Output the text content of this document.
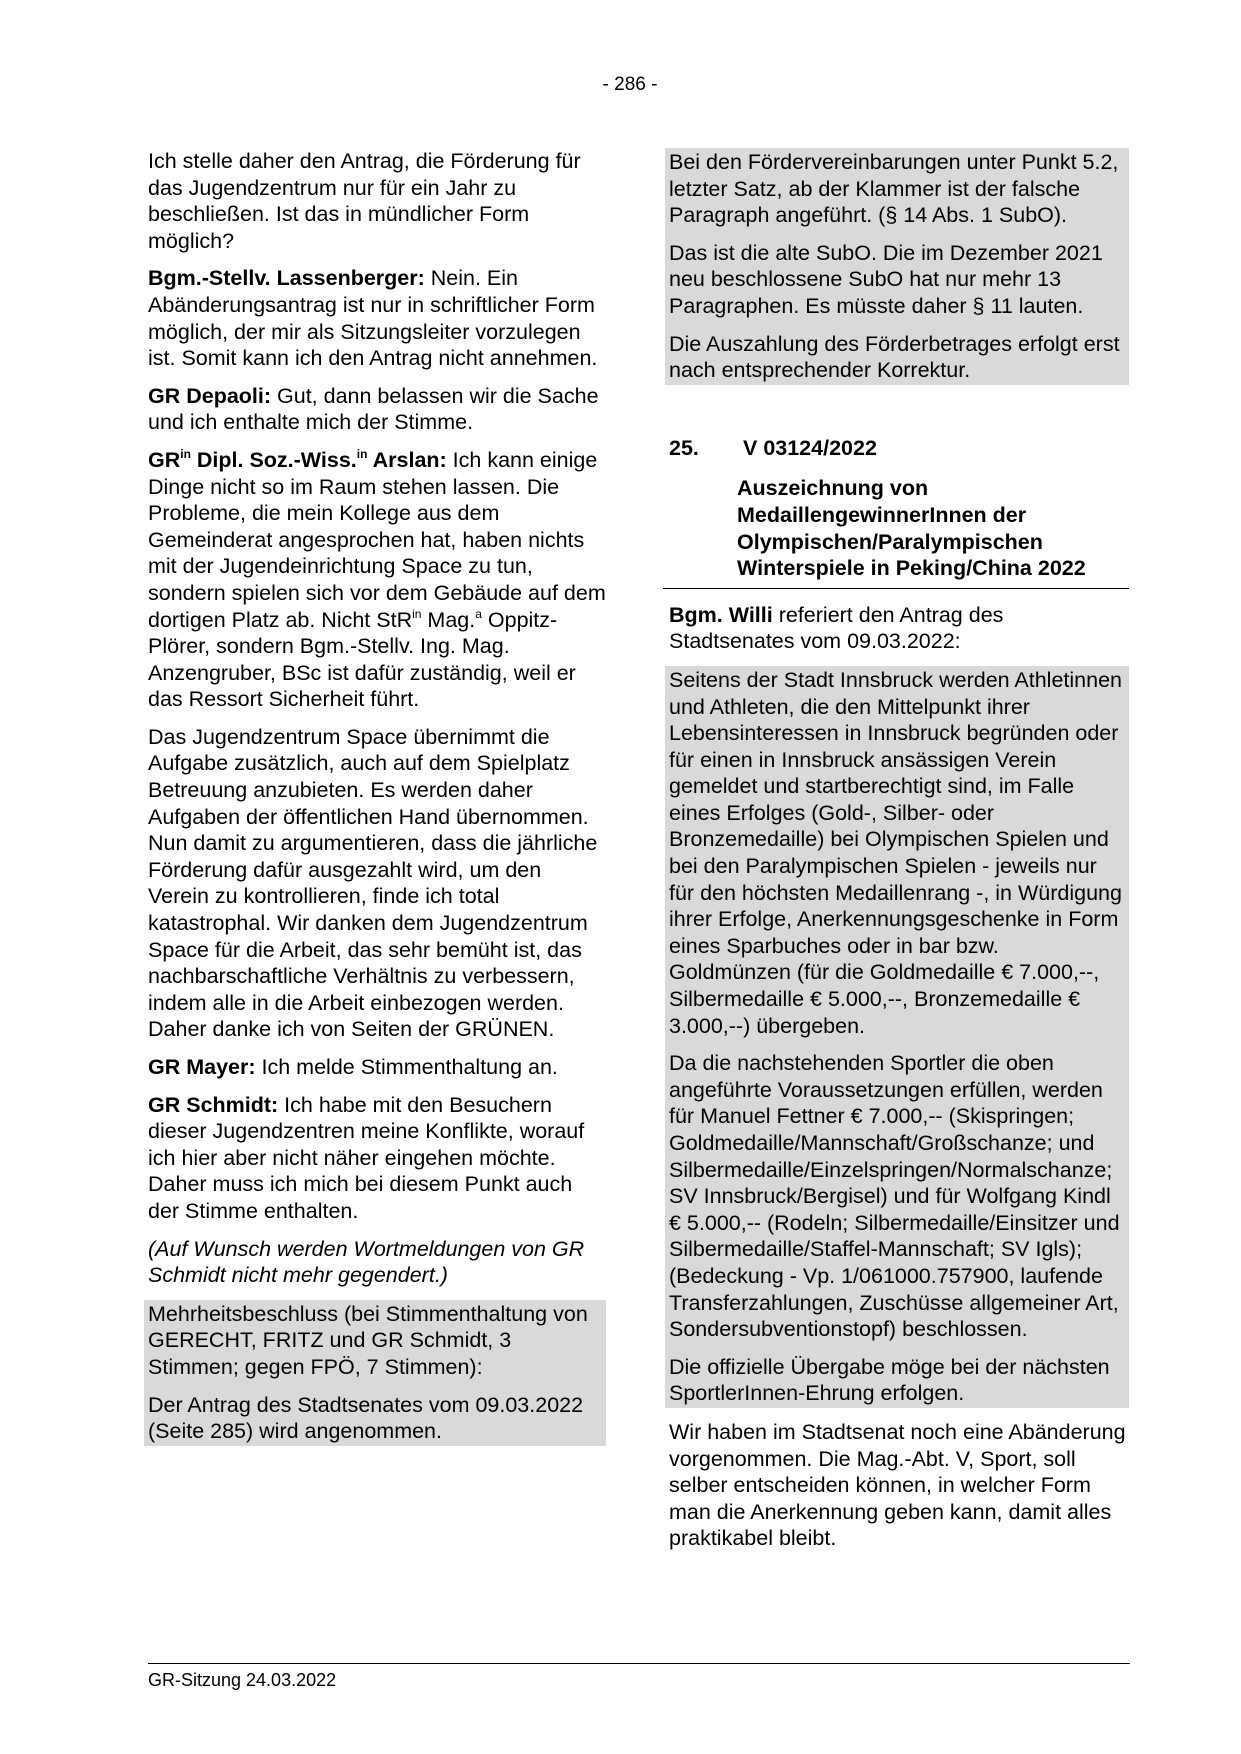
- 286 -

Ich stelle daher den Antrag, die Förderung für das Jugendzentrum nur für ein Jahr zu beschließen. Ist das in mündlicher Form möglich?

Bgm.-Stellv. Lassenberger: Nein. Ein Abänderungsantrag ist nur in schriftlicher Form möglich, der mir als Sitzungsleiter vorzulegen ist. Somit kann ich den Antrag nicht annehmen.

GR Depaoli: Gut, dann belassen wir die Sache und ich enthalte mich der Stimme.

$GR^{in}$ Dipl. Soz.-Wiss.$^{in}$ Arslan: Ich kann einige Dinge nicht so im Raum stehen lassen. Die Probleme, die mein Kollege aus dem Gemeinderat angesprochen hat, haben nichts mit der Jugendeinrichtung Space zu tun, sondern spielen sich vor dem Gebäude auf dem dortigen Platz ab. Nicht StR$^{in}$ Mag.$^a$ Oppitz-Plörer, sondern Bgm.-Stellv. Ing. Mag. Anzengruber, BSc ist dafür zuständig, weil er das Ressort Sicherheit führt.

Das Jugendzentrum Space übernimmt die Aufgabe zusätzlich, auch auf dem Spielplatz Betreuung anzubieten. Es werden daher Aufgaben der öffentlichen Hand übernommen. Nun damit zu argumentieren, dass die jährliche Förderung dafür ausgezahlt wird, um den Verein zu kontrollieren, finde ich total katastrophal. Wir danken dem Jugendzentrum Space für die Arbeit, das sehr bemüht ist, das nachbarschaftliche Verhältnis zu verbessern, indem alle in die Arbeit einbezogen werden. Daher danke ich von Seiten der GRÜNEN.

GR Mayer: Ich melde Stimmenthaltung an.

GR Schmidt: Ich habe mit den Besuchern dieser Jugendzentren meine Konflikte, worauf ich hier aber nicht näher eingehen möchte. Daher muss ich mich bei diesem Punkt auch der Stimme enthalten.

(Auf Wunsch werden Wortmeldungen von GR Schmidt nicht mehr gegendert.)

Mehrheitsbeschluss (bei Stimmenthaltung von GERECHT, FRITZ und GR Schmidt, 3 Stimmen; gegen FPÖ, 7 Stimmen):

Der Antrag des Stadtsenates vom 09.03.2022 (Seite 285) wird angenommen.

Bei den Fördervereinbarungen unter Punkt 5.2, letzter Satz, ab der Klammer ist der falsche Paragraph angeführt. (§ 14 Abs. 1 SubO).

Das ist die alte SubO. Die im Dezember 2021 neu beschlossene SubO hat nur mehr 13 Paragraphen. Es müsste daher § 11 lauten.

Die Auszahlung des Förderbetrages erfolgt erst nach entsprechender Korrektur.

25.	V 03124/2022
Auszeichnung von MedaillengewinnerInnen der Olympischen/Paralympischen Winterspiele in Peking/China 2022

Bgm. Willi referiert den Antrag des Stadtsenates vom 09.03.2022:

Seitens der Stadt Innsbruck werden Athletinnen und Athleten, die den Mittelpunkt ihrer Lebensinteressen in Innsbruck begründen oder für einen in Innsbruck ansässigen Verein gemeldet und startberechtigt sind, im Falle eines Erfolges (Gold-, Silber- oder Bronzemedaille) bei Olympischen Spielen und bei den Paralympischen Spielen - jeweils nur für den höchsten Medaillenrang -, in Würdigung ihrer Erfolge, Anerkennungsgeschenke in Form eines Sparbuches oder in bar bzw. Goldmünzen (für die Goldmedaille € 7.000,--, Silbermedaille € 5.000,--, Bronzemedaille € 3.000,--) übergeben.

Da die nachstehenden Sportler die oben angeführte Voraussetzungen erfüllen, werden für Manuel Fettner € 7.000,-- (Skispringen; Goldmedaille/Mannschaft/Großschanze; und Silbermedaille/Einzelspringen/Normalschanze; SV Innsbruck/Bergisel) und für Wolfgang Kindl € 5.000,-- (Rodeln; Silbermedaille/Einsitzer und Silbermedaille/Staffel-Mannschaft; SV Igls); (Bedeckung - Vp. 1/061000.757900, laufende Transferzahlungen, Zuschüsse allgemeiner Art, Sondersubventionstopf) beschlossen.

Die offizielle Übergabe möge bei der nächsten SportlerInnen-Ehrung erfolgen.

Wir haben im Stadtsenat noch eine Abänderung vorgenommen. Die Mag.-Abt. V, Sport, soll selber entscheiden können, in welcher Form man die Anerkennung geben kann, damit alles praktikabel bleibt.

GR-Sitzung 24.03.2022
